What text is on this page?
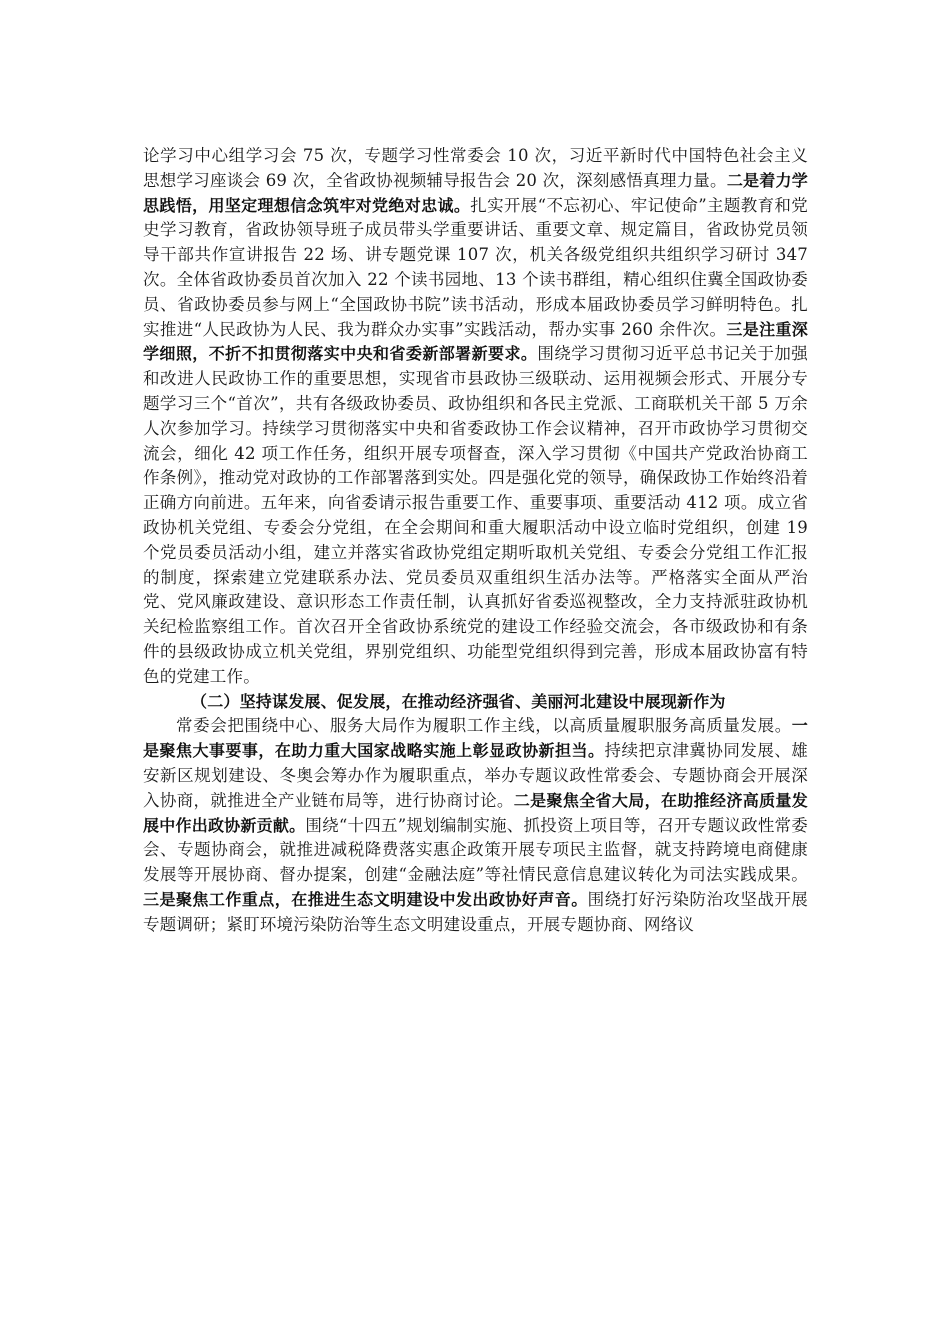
论学习中心组学习会 75 次，专题学习性常委会 10 次，习近平新时代中国特色社会主义思想学习座谈会 69 次，全省政协视频辅导报告会 20 次，深刻感悟真理力量。二是着力学思践悟，用坚定理想信念筑牢对党绝对忠诚。扎实开展“不忘初心、牢记使命”主题教育和党史学习教育，省政协领导班子成员带头学重要讲话、重要文章、规定篇目，省政协党员领导干部共作宣讲报告 22 场、讲专题党课 107 次，机关各级党组织共组织学习研讨 347 次。全体省政协委员首次加入 22 个读书园地、13 个读书群组，精心组织住冀全国政协委员、省政协委员参与网上“全国政协书院”读书活动，形成本届政协委员学习鲜明特色。扎实推进“人民政协为人民、我为群众办实事”实践活动，帮办实事 260 余件次。三是注重深学细照，不折不扣贯彻落实中央和省委新部署新要求。围绕学习贯彻习近平总书记关于加强和改进人民政协工作的重要思想，实现省市县政协三级联动、运用视频会形式、开展分专题学习三个“首次”，共有各级政协委员、政协组织和各民主党派、工商联机关干部 5 万余人次参加学习。持续学习贯彻落实中央和省委政协工作会议精神，召开市政协学习贯彻交流会，细化 42 项工作任务，组织开展专项督查，深入学习贯彻《中国共产党政治协商工作条例》，推动党对政协的工作部署落到实处。四是强化党的领导，确保政协工作始终沿着正确方向前进。五年来，向省委请示报告重要工作、重要事项、重要活动 412 项。成立省政协机关党组、专委会分党组，在全会期间和重大履职活动中设立临时党组织，创建 19 个党员委员活动小组，建立并落实省政协党组定期听取机关党组、专委会分党组工作汇报的制度，探索建立党建联系办法、党员委员双重组织生活办法等。严格落实全面从严治党、党风廉政建设、意识形态工作责任制，认真抓好省委巡视整改，全力支持派驻政协机关纪检监察组工作。首次召开全省政协系统党的建设工作经验交流会，各市级政协和有条件的县级政协成立机关党组，界别党组织、功能型党组织得到完善，形成本届政协富有特色的党建工作。

（二）坚持谋发展、促发展，在推动经济强省、美丽河北建设中展现新作为

常委会把围绕中心、服务大局作为履职工作主线，以高质量履职服务高质量发展。一是聚焦大事要事，在助力重大国家战略实施上彰显政协新担当。持续把京津冀协同发展、雄安新区规划建设、冬奥会筹办作为履职重点，举办专题议政性常委会、专题协商会开展深入协商，就推进全产业链布局等，进行协商讨论。二是聚焦全省大局，在助推经济高质量发展中作出政协新贡献。围绕“十四五”规划编制实施、抓投资上项目等，召开专题议政性常委会、专题协商会，就推进减税降费落实惠企政策开展专项民主监督，就支持跨境电商健康发展等开展协商、督办提案，创建“金融法庭”等社情民意信息建议转化为司法实践成果。三是聚焦工作重点，在推进生态文明建设中发出政协好声音。围绕打好污染防治攻坚战开展专题调研；紧盯环境污染防治等生态文明建设重点，开展专题协商、网络议
